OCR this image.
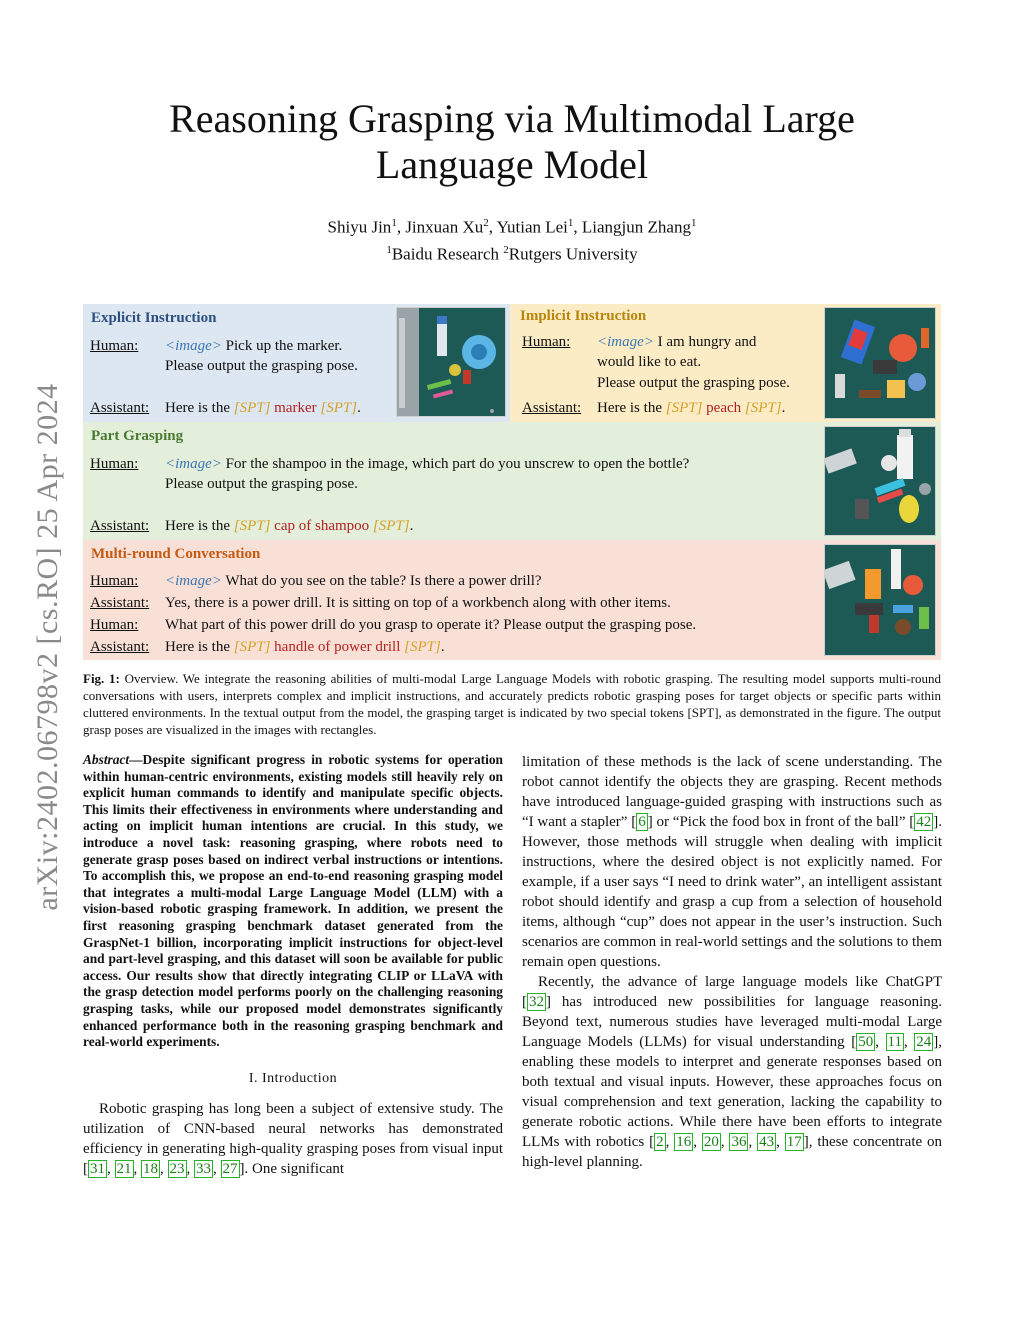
arXiv:2402.06798v2 [cs.RO] 25 Apr 2024
Reasoning Grasping via Multimodal Large
Language Model
Shiyu Jin$^1$, Jinxuan Xu$^2$, Yutian Lei$^1$, Liangjun Zhang$^1$
$^1$Baidu Research $^2$Rutgers University
Explicit Instruction
Human: <image> Pick up the marker.
Please output the grasping pose.
Assistant: Here is the [SPT] marker [SPT].
Implicit Instruction
Human: <image> I am hungry and
would like to eat.
Please output the grasping pose.
Assistant: Here is the [SPT] peach [SPT].
Part Grasping
Human: <image> For the shampoo in the image, which part do you unscrew to open the bottle?
Please output the grasping pose.
Assistant: Here is the [SPT] cap of shampoo [SPT].
Multi-round Conversation
Human: <image> What do you see on the table? Is there a power drill?
Assistant: Yes, there is a power drill. It is sitting on top of a workbench along with other items.
Human: What part of this power drill do you grasp to operate it? Please output the grasping pose.
Assistant: Here is the [SPT] handle of power drill [SPT].
Fig. 1: Overview. We integrate the reasoning abilities of multi-modal Large Language Models with robotic grasping. The resulting model supports multi-round conversations with users, interprets complex and implicit instructions, and accurately predicts robotic grasping poses for target objects or specific parts within cluttered environments. In the textual output from the model, the grasping target is indicated by two special tokens [SPT], as demonstrated in the figure. The output grasp poses are visualized in the images with rectangles.
Abstract—Despite significant progress in robotic systems for operation within human-centric environments, existing models still heavily rely on explicit human commands to identify and manipulate specific objects. This limits their effectiveness in environments where understanding and acting on implicit human intentions are crucial. In this study, we introduce a novel task: reasoning grasping, where robots need to generate grasp poses based on indirect verbal instructions or intentions. To accomplish this, we propose an end-to-end reasoning grasping model that integrates a multi-modal Large Language Model (LLM) with a vision-based robotic grasping framework. In addition, we present the first reasoning grasping benchmark dataset generated from the GraspNet-1 billion, incorporating implicit instructions for object-level and part-level grasping, and this dataset will soon be available for public access. Our results show that directly integrating CLIP or LLaVA with the grasp detection model performs poorly on the challenging reasoning grasping tasks, while our proposed model demonstrates significantly enhanced performance both in the reasoning grasping benchmark and real-world experiments.
I. Introduction
Robotic grasping has long been a subject of extensive study. The utilization of CNN-based neural networks has demonstrated efficiency in generating high-quality grasping poses from visual input [ 31 , 21 , 18 , 23 , 33 , 27 ]. One significant
limitation of these methods is the lack of scene understanding. The robot cannot identify the objects they are grasping. Recent methods have introduced language-guided grasping with instructions such as “I want a stapler” [ 6 ] or “Pick the food box in front of the ball” [ 42 ]. However, those methods will struggle when dealing with implicit instructions, where the desired object is not explicitly named. For example, if a user says “I need to drink water”, an intelligent assistant robot should identify and grasp a cup from a selection of household items, although “cup” does not appear in the user’s instruction. Such scenarios are common in real-world settings and the solutions to them remain open questions.
Recently, the advance of large language models like ChatGPT [ 32 ] has introduced new possibilities for language reasoning. Beyond text, numerous studies have leveraged multi-modal Large Language Models (LLMs) for visual understanding [ 50 , 11 , 24 ], enabling these models to interpret and generate responses based on both textual and visual inputs. However, these approaches focus on visual comprehension and text generation, lacking the capability to generate robotic actions. While there have been efforts to integrate LLMs with robotics [ 2 , 16 , 20 , 36 , 43 , 17 ], these concentrate on high-level planning.
